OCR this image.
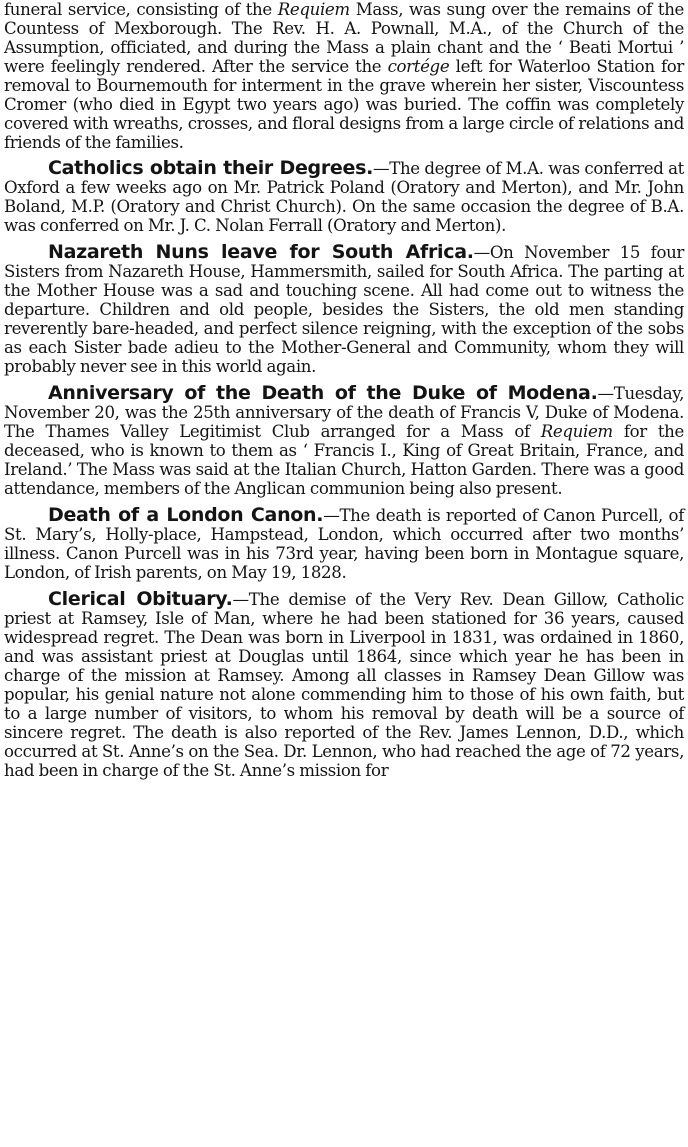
funeral service, consisting of the Requiem Mass, was sung over the remains of the Countess of Mexborough. The Rev. H. A. Pownall, M.A., of the Church of the Assumption, officiated, and during the Mass a plain chant and the ‘ Beati Mortui ’ were feelingly rendered. After the service the cortége left for Waterloo Station for removal to Bournemouth for interment in the grave wherein her sister, Viscountess Cromer (who died in Egypt two years ago) was buried. The coffin was completely covered with wreaths, crosses, and floral designs from a large circle of relations and friends of the families.

Catholics obtain their Degrees.—The degree of M.A. was conferred at Oxford a few weeks ago on Mr. Patrick Poland (Oratory and Merton), and Mr. John Boland, M.P. (Oratory and Christ Church). On the same occasion the degree of B.A. was conferred on Mr. J. C. Nolan Ferrall (Oratory and Merton).

Nazareth Nuns leave for South Africa.—On November 15 four Sisters from Nazareth House, Hammersmith, sailed for South Africa. The parting at the Mother House was a sad and touching scene. All had come out to witness the departure. Children and old people, besides the Sisters, the old men standing reverently bare-headed, and perfect silence reigning, with the exception of the sobs as each Sister bade adieu to the Mother-General and Community, whom they will probably never see in this world again.

Anniversary of the Death of the Duke of Modena.—Tuesday, November 20, was the 25th anniversary of the death of Francis V, Duke of Modena. The Thames Valley Legitimist Club arranged for a Mass of Requiem for the deceased, who is known to them as ‘ Francis I., King of Great Britain, France, and Ireland.’ The Mass was said at the Italian Church, Hatton Garden. There was a good attendance, members of the Anglican communion being also present.

Death of a London Canon.—The death is reported of Canon Purcell, of St. Mary’s, Holly-place, Hampstead, London, which occurred after two months’ illness. Canon Purcell was in his 73rd year, having been born in Montague square, London, of Irish parents, on May 19, 1828.

Clerical Obituary.—The demise of the Very Rev. Dean Gillow, Catholic priest at Ramsey, Isle of Man, where he had been stationed for 36 years, caused widespread regret. The Dean was born in Liverpool in 1831, was ordained in 1860, and was assistant priest at Douglas until 1864, since which year he has been in charge of the mission at Ramsey. Among all classes in Ramsey Dean Gillow was popular, his genial nature not alone commending him to those of his own faith, but to a large number of visitors, to whom his removal by death will be a source of sincere regret. The death is also reported of the Rev. James Lennon, D.D., which occurred at St. Anne’s on the Sea. Dr. Lennon, who had reached the age of 72 years, had been in charge of the St. Anne’s mission for
